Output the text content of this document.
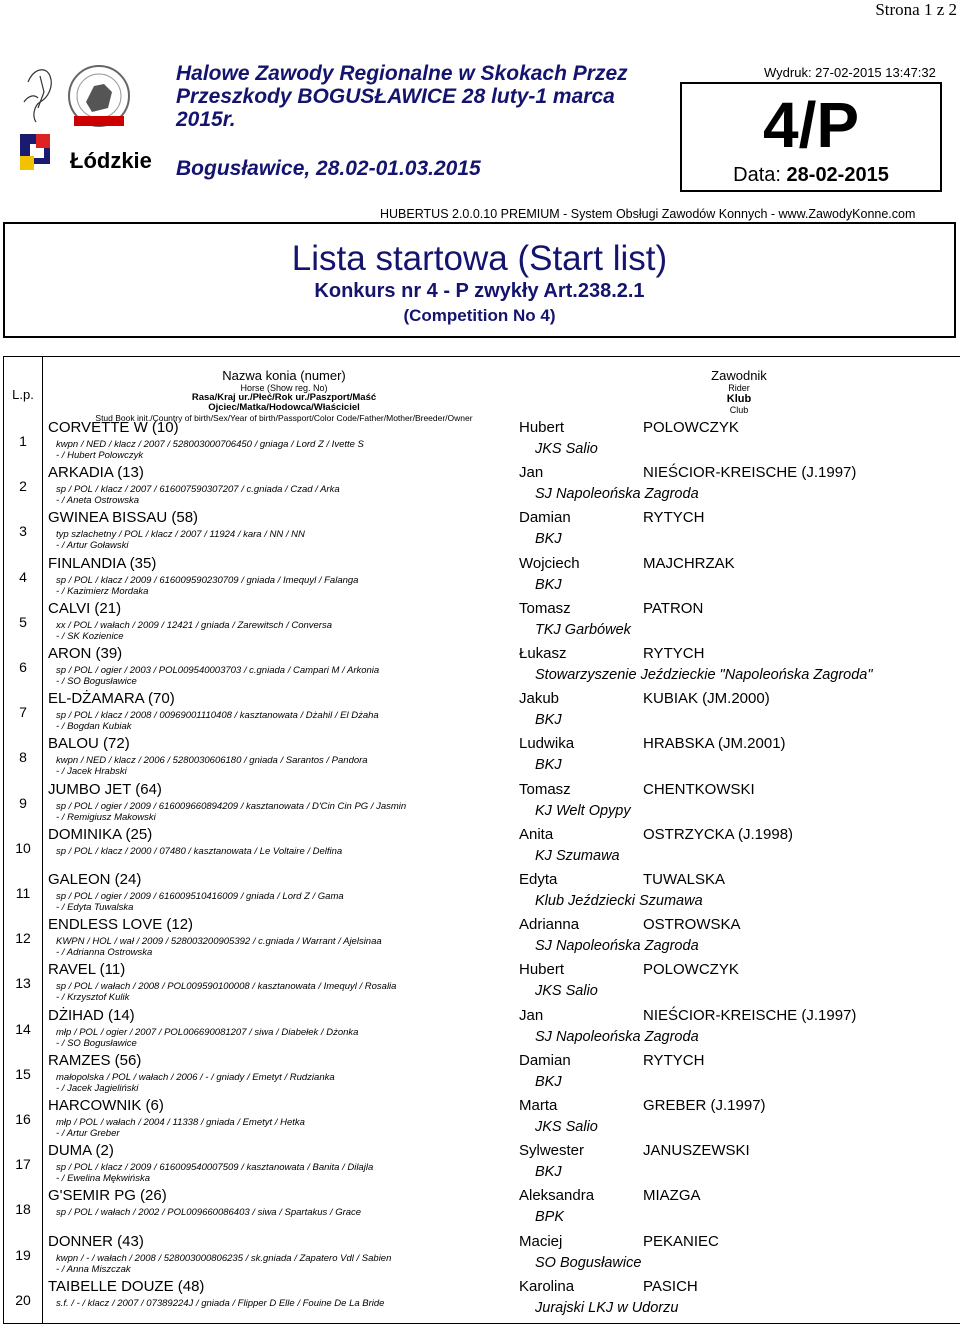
Strona 1 z 2
Łódzkie
Halowe Zawody Regionalne w Skokach Przez Przeszkody BOGUSŁAWICE 28 luty-1 marca 2015r.
Bogusławice, 28.02-01.03.2015
Wydruk: 27-02-2015 13:47:32
4/P
Data: 28-02-2015
HUBERTUS 2.0.0.10 PREMIUM - System Obsługi Zawodów Konnych - www.ZawodyKonne.com
Lista startowa (Start list)
Konkurs nr 4 - P zwykły Art.238.2.1
(Competition No 4)
L.p.
Nazwa konia (numer)
Horse (Show reg. No)
Rasa/Kraj ur./Płeć/Rok ur./Paszport/Maść
Ojciec/Matka/Hodowca/Właściciel
Stud Book init./Country of birth/Sex/Year of birth/Passport/Color Code/Father/Mother/Breeder/Owner
Zawodnik
Rider
Klub
Club
1
CORVETTE W (10)
kwpn / NED / klacz / 2007 / 528003000706450 / gniaga / Lord Z / Ivette S
- / Hubert Polowczyk
Hubert	POLOWCZYK
JKS Salio
2
ARKADIA (13)
sp / POL / klacz / 2007 / 616007590307207 / c.gniada / Czad / Arka
- / Aneta Ostrowska
Jan	NIEŚCIOR-KREISCHE (J.1997)
SJ Napoleońska Zagroda
3
GWINEA BISSAU (58)
typ szlachetny / POL / klacz / 2007 / 11924 / kara / NN / NN
- / Artur Goławski
Damian	RYTYCH
BKJ
4
FINLANDIA (35)
sp / POL / klacz / 2009 / 616009590230709 / gniada / Imequyl / Falanga
- / Kazimierz Mordaka
Wojciech	MAJCHRZAK
BKJ
5
CALVI (21)
xx / POL / wałach / 2009 / 12421 / gniada / Zarewitsch / Conversa
- / SK Kozienice
Tomasz	PATRON
TKJ Garbówek
6
ARON (39)
sp / POL / ogier / 2003 / POL009540003703 / c.gniada / Campari M / Arkonia
- / SO Bogusławice
Łukasz	RYTYCH
Stowarzyszenie Jeździeckie "Napoleońska Zagroda"
7
EL-DŻAMARA (70)
sp / POL / klacz / 2008 / 00969001110408 / kasztanowata / Dżahil / El Dżaha
- / Bogdan Kubiak
Jakub	KUBIAK (JM.2000)
BKJ
8
BALOU (72)
kwpn / NED / klacz / 2006 / 5280030606180 / gniada / Sarantos / Pandora
- / Jacek Hrabski
Ludwika	HRABSKA (JM.2001)
BKJ
9
JUMBO JET (64)
sp / POL / ogier / 2009 / 616009660894209 / kasztanowata / D'Cin Cin PG / Jasmin
- / Remigiusz Makowski
Tomasz	CHENTKOWSKI
KJ Welt Opypy
10
DOMINIKA (25)
sp / POL / klacz / 2000 / 07480 / kasztanowata / Le Voltaire / Delfina
Anita	OSTRZYCKA (J.1998)
KJ Szumawa
11
GALEON (24)
sp / POL / ogier / 2009 / 616009510416009 / gniada / Lord Z / Gama
- / Edyta Tuwalska
Edyta	TUWALSKA
Klub Jeździecki Szumawa
12
ENDLESS LOVE (12)
KWPN / HOL / wał / 2009 / 528003200905392 / c.gniada / Warrant / Ajelsinaa
- / Adrianna Ostrowska
Adrianna	OSTROWSKA
SJ Napoleońska Zagroda
13
RAVEL (11)
sp / POL / wałach / 2008 / POL009590100008 / kasztanowata / Imequyl / Rosalia
- / Krzysztof Kulik
Hubert	POLOWCZYK
JKS Salio
14
DŻIHAD (14)
młp / POL / ogier / 2007 / POL006690081207 / siwa / Diabełek / Dżonka
- / SO Bogusławice
Jan	NIEŚCIOR-KREISCHE (J.1997)
SJ Napoleońska Zagroda
15
RAMZES (56)
małopolska / POL / wałach / 2006 / - / gniady / Emetyt / Rudzianka
- / Jacek Jagieliński
Damian	RYTYCH
BKJ
16
HARCOWNIK (6)
młp / POL / wałach / 2004 / 11338 / gniada / Emetyt / Hetka
- / Artur Greber
Marta	GREBER (J.1997)
JKS Salio
17
DUMA (2)
sp / POL / klacz / 2009 / 616009540007509 / kasztanowata / Banita / Dilajla
- / Ewelina Mękwińska
Sylwester	JANUSZEWSKI
BKJ
18
G'SEMIR PG (26)
sp / POL / wałach / 2002 / POL009660086403 / siwa / Spartakus / Grace
Aleksandra	MIAZGA
BPK
19
DONNER (43)
kwpn / - / wałach / 2008 / 528003000806235 / sk.gniada / Zapatero Vdl / Sabien
- / Anna Miszczak
Maciej	PEKANIEC
SO Bogusławice
20
TAIBELLE DOUZE (48)
s.f. / - / klacz / 2007 / 07389224J / gniada / Flipper D Elle / Fouine De La Bride
Karolina	PASICH
Jurajski LKJ w Udorzu
